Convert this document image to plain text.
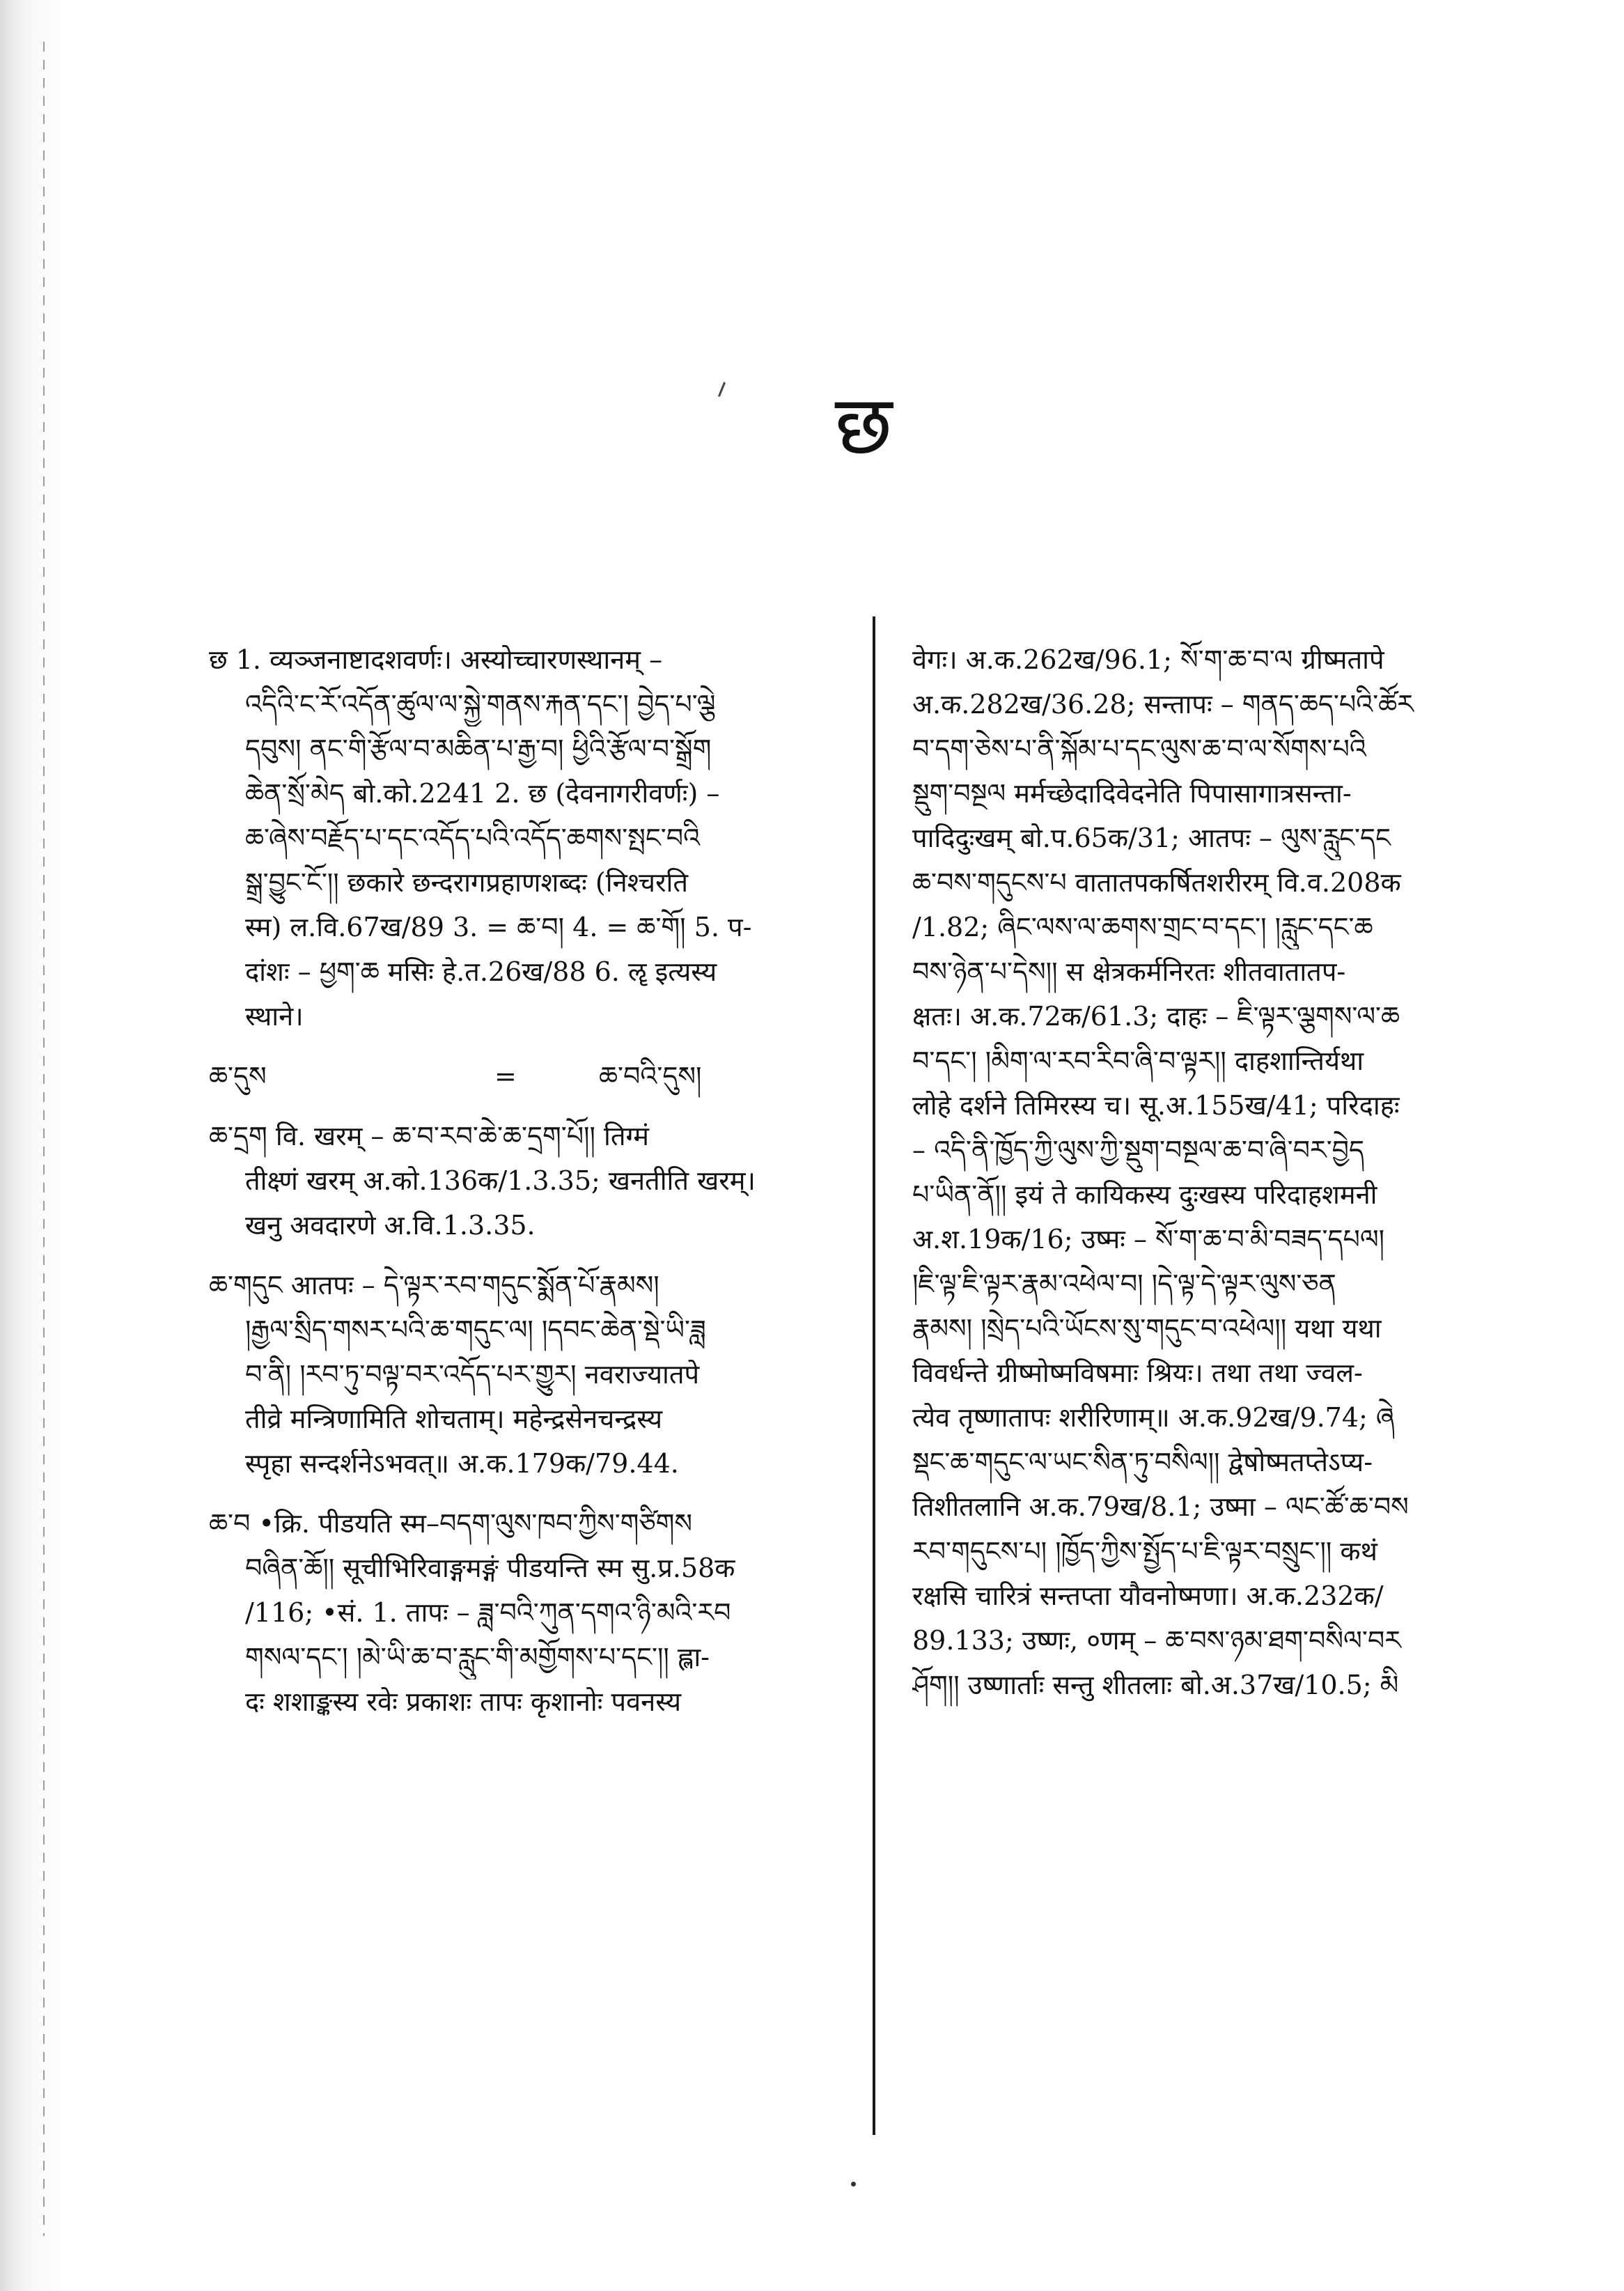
छ
छ 1. व्यञ्जनाष्टादशवर्णः। अस्योच्चारणस्थानम् –
འདིའི་ང་རོ་འདོན་ཚུལ་ལ་སྐྱེ་གནས་རྐན་དང་། བྱེད་པ་ལྕེ
དབུས། ནང་གི་རྩོལ་བ་མཆིན་པ་རྒྱ་བ། ཕྱིའི་རྩོལ་བ་སྒྲོག
ཆེན་སྲོ་མེད बो.को.2241 2. छ (देवनागरीवर्णः) –
ཆ་ཞེས་བརྗོད་པ་དང་འདོད་པའི་འདོད་ཆགས་སྤང་བའི
སྒྲ་བྱུང་ངོ་།། छकारे छन्दरागप्रहाणशब्दः (निश्चरति
स्म) ल.वि.67ख/89 3. = ཆ་བ། 4. = ཆ་གོ། 5. प-
दांशः – ཕྱག་ཆ मसिः हे.त.26ख/88 6. ॡ इत्यस्य
स्थाने।
ཆ་དུས	=	ཆ་བའི་དུས།
ཆ་དྲག वि. खरम् – ཆ་བ་རབ་ཆེ་ཆ་དྲག་པོ།། तिग्मं
तीक्ष्णं खरम् अ.को.136क/1.3.35; खनतीति खरम्।
खनु अवदारणे अ.वि.1.3.35.
ཆ་གདུང आतपः – དེ་ལྟར་རབ་གདུང་སྨོན་པོ་རྣམས།
།རྒྱལ་སྲིད་གསར་པའི་ཆ་གདུང་ལ། །དབང་ཆེན་སྡེ་ཡི་ཟླ
བ་ནི། །རབ་ཏུ་བལྟ་བར་འདོད་པར་གྱུར། नवराज्यातपे
तीव्रे मन्त्रिणामिति शोचताम्। महेन्द्रसेनचन्द्रस्य
स्पृहा सन्दर्शनेऽभवत्॥ अ.क.179क/79.44.
ཆ་བ •क्रि. पीडयति स्म–བདག་ལུས་ཁབ་ཀྱིས་གཙིགས
བཞིན་ཆོ།། सूचीभिरिवाङ्गमङ्गं पीडयन्ति स्म सु.प्र.58क
/116; •सं. 1. तापः – ཟླ་བའི་ཀུན་དགའ་ཉི་མའི་རབ
གསལ་དང་། །མེ་ཡི་ཆ་བ་རླུང་གི་མགྱོགས་པ་དང་།། ह्ला-
दः शशाङ्कस्य रवेः प्रकाशः तापः कृशानोः पवनस्य
वेगः। अ.क.262ख/96.1; སོ་ག་ཆ་བ་ལ ग्रीष्मतापे
अ.क.282ख/36.28; सन्तापः – གནད་ཆད་པའི་ཚོར
བ་དག་ཅེས་པ་ནི་སྐོམ་པ་དང་ལུས་ཆ་བ་ལ་སོགས་པའི
སྡུག་བསྔལ मर्मच्छेदादिवेदनेति पिपासागात्रसन्ता-
पादिदुःखम् बो.प.65क/31; आतपः – ལུས་རླུང་དང
ཆ་བས་གདུངས་པ वातातपकर्षितशरीरम् वि.व.208क
/1.82; ཞིང་ལས་ལ་ཆགས་གྲང་བ་དང་། །རླུང་དང་ཆ
བས་ཉེན་པ་དེས།། स क्षेत्रकर्मनिरतः शीतवातातप-
क्षतः। अ.क.72क/61.3; दाहः – ཇི་ལྟར་ལྕགས་ལ་ཆ
བ་དང་། །མིག་ལ་རབ་རིབ་ཞི་བ་ལྟར།། दाहशान्तिर्यथा
लोहे दर्शने तिमिरस्य च। सू.अ.155ख/41; परिदाहः
– འདི་ནི་ཁྱོད་ཀྱི་ལུས་ཀྱི་སྡུག་བསྔལ་ཆ་བ་ཞི་བར་བྱེད
པ་ཡིན་ནོ།། इयं ते कायिकस्य दुःखस्य परिदाहशमनी
अ.श.19क/16; उष्मः – སོ་ག་ཆ་བ་མི་བཟད་དཔལ།
།ཇི་ལྟ་ཇི་ལྟར་རྣམ་འཕེལ་བ། །དེ་ལྟ་དེ་ལྟར་ལུས་ཅན
རྣམས། །སྲེད་པའི་ཡོངས་སུ་གདུང་བ་འཕེལ།། यथा यथा
विवर्धन्ते ग्रीष्मोष्मविषमाः श्रियः। तथा तथा ज्वल-
त्येव तृष्णातापः शरीरिणाम्॥ अ.क.92ख/9.74; ཞེ
སྡང་ཆ་གདུང་ལ་ཡང་སིན་ཏུ་བསིལ།། द्वेषोष्मतप्तेऽप्य-
तिशीतलानि अ.क.79ख/8.1; उष्मा – ལང་ཚོ་ཆ་བས
རབ་གདུངས་པ། །ཁྱོད་ཀྱིས་སྤྱོད་པ་ཇི་ལྟར་བསྲུང་།། कथं
रक्षसि चारित्रं सन्तप्ता यौवनोष्मणा। अ.क.232क/
89.133; उष्णः, ०णम् – ཆ་བས་ཉམ་ཐག་བསིལ་བར
ཤོག།། उष्णार्ताः सन्तु शीतलाः बो.अ.37ख/10.5; མི
